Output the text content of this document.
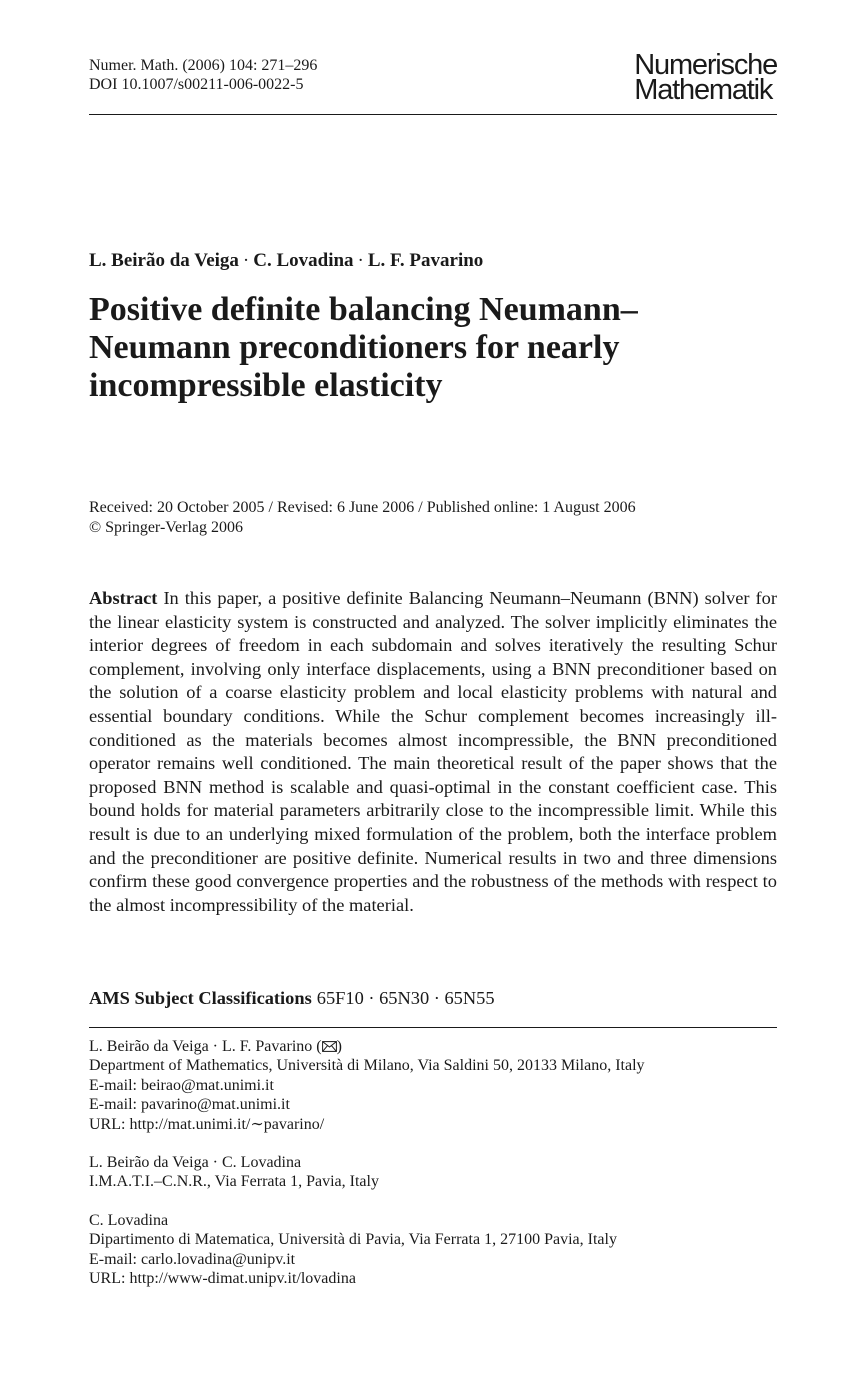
Numer. Math. (2006) 104: 271–296
DOI 10.1007/s00211-006-0022-5
Numerische
Mathematik
L. Beirão da Veiga · C. Lovadina · L. F. Pavarino
Positive definite balancing Neumann–
Neumann preconditioners for nearly
incompressible elasticity
Received: 20 October 2005 / Revised: 6 June 2006 / Published online: 1 August 2006
© Springer-Verlag 2006

Abstract In this paper, a positive definite Balancing Neumann–Neumann (BNN) solver for the linear elasticity system is constructed and analyzed. The solver implicitly eliminates the interior degrees of freedom in each subdomain and solves iteratively the resulting Schur complement, involving only interface displacements, using a BNN preconditioner based on the solution of a coarse elasticity problem and local elasticity problems with natural and essential boundary conditions. While the Schur complement becomes increasingly ill-conditioned as the materials becomes almost incompressible, the BNN preconditioned operator remains well conditioned. The main theoretical result of the paper shows that the proposed BNN method is scalable and quasi-optimal in the constant coefficient case. This bound holds for material parameters arbitrarily close to the incompressible limit. While this result is due to an underlying mixed formulation of the problem, both the interface problem and the preconditioner are positive definite. Numerical results in two and three dimensions confirm these good convergence properties and the robustness of the methods with respect to the almost incompressibility of the material.

AMS Subject Classifications 65F10 · 65N30 · 65N55
L. Beirão da Veiga · L. F. Pavarino ( )
Department of Mathematics, Università di Milano, Via Saldini 50, 20133 Milano, Italy
E-mail: beirao@mat.unimi.it
E-mail: pavarino@mat.unimi.it
URL: http://mat.unimi.it/∼pavarino/
L. Beirão da Veiga · C. Lovadina
I.M.A.T.I.–C.N.R., Via Ferrata 1, Pavia, Italy
C. Lovadina
Dipartimento di Matematica, Università di Pavia, Via Ferrata 1, 27100 Pavia, Italy
E-mail: carlo.lovadina@unipv.it
URL: http://www-dimat.unipv.it/lovadina
